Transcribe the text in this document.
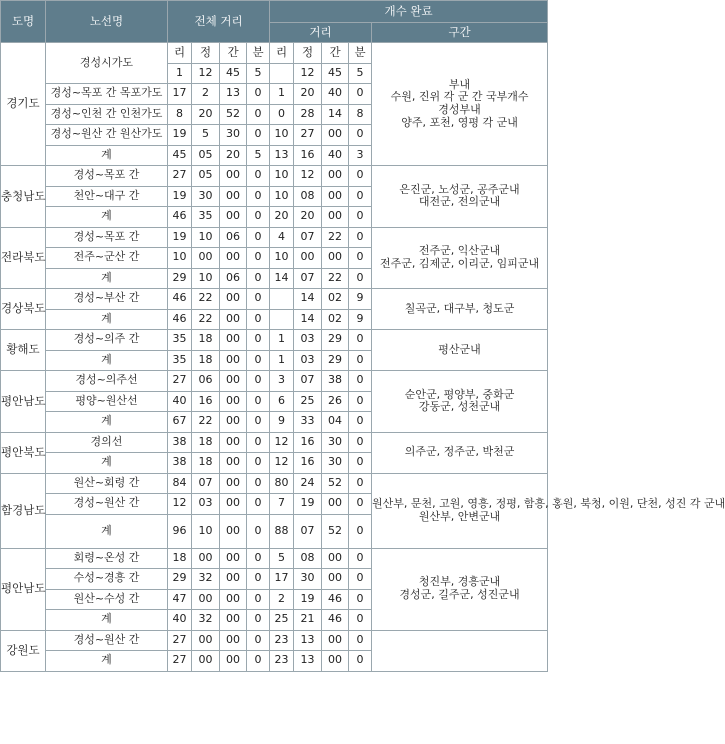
도명	노선명	전체 거리				개수 완료				
						거리				구간
경기도	경성시가도	리	정	간	분	리	정	간	분	부내
수원, 진위 각 군 간 국부개수
경성부내
양주, 포천, 영평 각 군내

		1	12	45	5		12	45	5	
	경성~목포 간 목포가도	17	2	13	0	1	20	40	0	
	경성~인천 간 인천가도	8	20	52	0	0	28	14	8	
	경성~원산 간 원산가도	19	5	30	0	10	27	00	0	
	계	45	05	20	5	13	16	40	3	
충청남도	경성~목포 간	27	05	00	0	10	12	00	0	은진군, 노성군, 공주군내
대전군, 전의군내

	천안~대구 간	19	30	00	0	10	08	00	0	
	계	46	35	00	0	20	20	00	0	
전라북도	경성~목포 간	19	10	06	0	4	07	22	0	전주군, 익산군내
전주군, 김제군, 이리군, 임피군내

	전주~군산 간	10	00	00	0	10	00	00	0	
	계	29	10	06	0	14	07	22	0	
경상북도	경성~부산 간	46	22	00	0		14	02	9	칠곡군, 대구부, 청도군

	계	46	22	00	0		14	02	9	
황해도	경성~의주 간	35	18	00	0	1	03	29	0	평산군내

	계	35	18	00	0	1	03	29	0	
평안남도	경성~의주선	27	06	00	0	3	07	38	0	순안군, 평양부, 중화군
강동군, 성천군내

	평양~원산선	40	16	00	0	6	25	26	0	
	계	67	22	00	0	9	33	04	0	
평안북도	경의선	38	18	00	0	12	16	30	0	의주군, 정주군, 박천군

	계	38	18	00	0	12	16	30	0	
함경남도	원산~회령 간	84	07	00	0	80	24	52	0	원산부, 문천, 고원, 영흥, 정평, 함흥, 홍원, 북청, 이원, 단천, 성진 각 군내
원산부, 안변군내

	경성~원산 간	12	03	00	0	7	19	00	0	
	계	96	10	00	0	88	07	52	0	
평안남도	회령~온성 간	18	00	00	0	5	08	00	0	청진부, 경흥군내
경성군, 길주군, 성진군내

	수성~경흥 간	29	32	00	0	17	30	00	0	
	원산~수성 간	47	00	00	0	2	19	46	0	
	계	40	32	00	0	25	21	46	0	
강원도	경성~원산 간	27	00	00	0	23	13	00	0	
	계	27	00	00	0	23	13	00	0	
